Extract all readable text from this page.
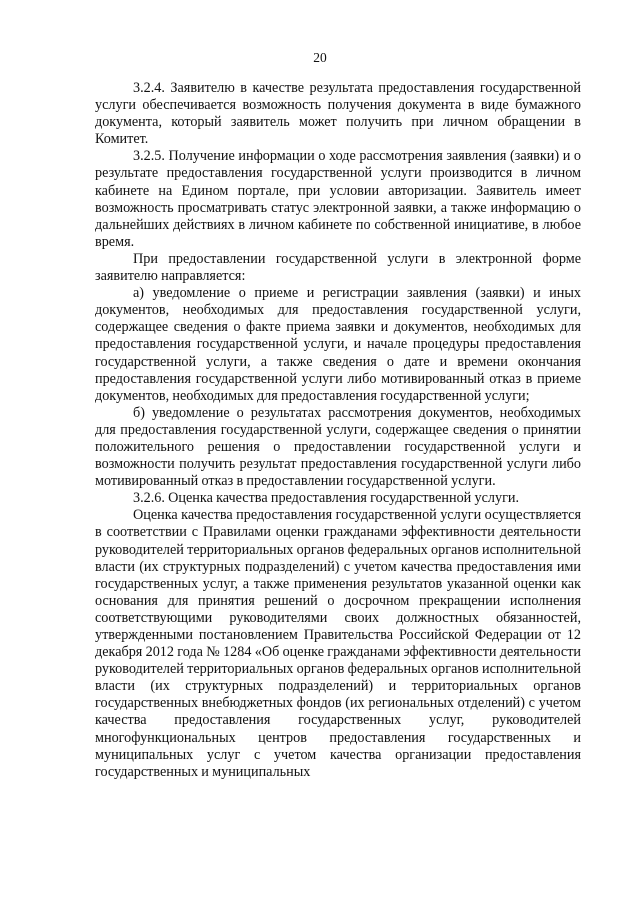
20

3.2.4. Заявителю в качестве результата предоставления государственной услуги обеспечивается возможность получения документа в виде бумажного документа, который заявитель может получить при личном обращении в Комитет.

3.2.5. Получение информации о ходе рассмотрения заявления (заявки) и о результате предоставления государственной услуги производится в личном кабинете на Едином портале, при условии авторизации. Заявитель имеет возможность просматривать статус электронной заявки, а также информацию о дальнейших действиях в личном кабинете по собственной инициативе, в любое время.

При предоставлении государственной услуги в электронной форме заявителю направляется:

а) уведомление о приеме и регистрации заявления (заявки) и иных документов, необходимых для предоставления государственной услуги, содержащее сведения о факте приема заявки и документов, необходимых для предоставления государственной услуги, и начале процедуры предоставления государственной услуги, а также сведения о дате и времени окончания предоставления государственной услуги либо мотивированный отказ в приеме документов, необходимых для предоставления государственной услуги;

б) уведомление о результатах рассмотрения документов, необходимых для предоставления государственной услуги, содержащее сведения о принятии положительного решения о предоставлении государственной услуги и возможности получить результат предоставления государственной услуги либо мотивированный отказ в предоставлении государственной услуги.

3.2.6. Оценка качества предоставления государственной услуги.

Оценка качества предоставления государственной услуги осуществляется в соответствии с Правилами оценки гражданами эффективности деятельности руководителей территориальных органов федеральных органов исполнительной власти (их структурных подразделений) с учетом качества предоставления ими государственных услуг, а также применения результатов указанной оценки как основания для принятия решений о досрочном прекращении исполнения соответствующими руководителями своих должностных обязанностей, утвержденными постановлением Правительства Российской Федерации от 12 декабря 2012 года № 1284 «Об оценке гражданами эффективности деятельности руководителей территориальных органов федеральных органов исполнительной власти (их структурных подразделений) и территориальных органов государственных внебюджетных фондов (их региональных отделений) с учетом качества предоставления государственных услуг, руководителей многофункциональных центров предоставления государственных и муниципальных услуг с учетом качества организации предоставления государственных и муниципальных
